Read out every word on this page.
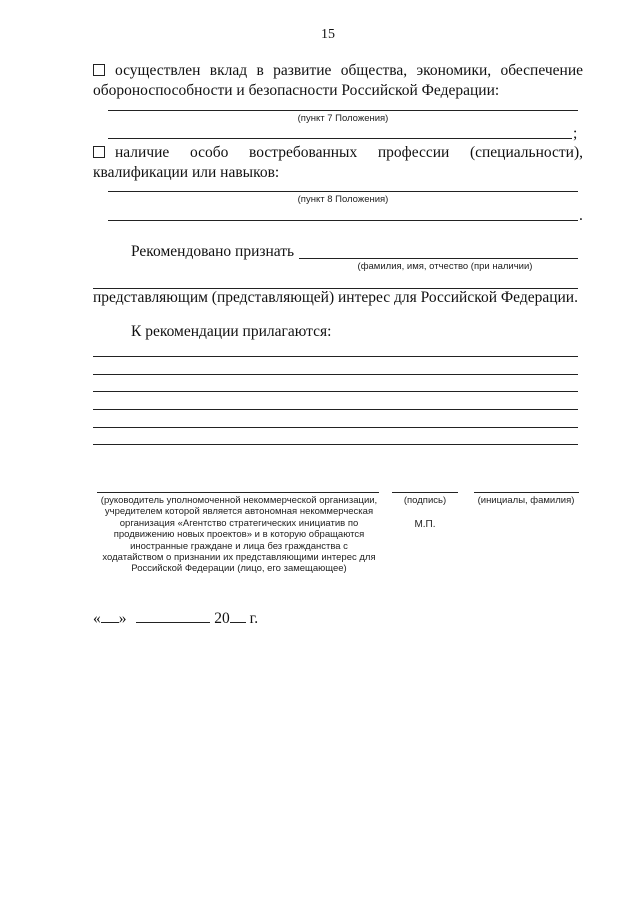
15
осуществлен вклад в развитие общества, экономики, обеспечение
обороноспособности и безопасности Российской Федерации:
(пункт 7 Положения)
;
наличие особо востребованных профессии (специальности),
квалификации или навыков:
(пункт 8 Положения)
.
Рекомендовано признать
(фамилия, имя, отчество (при наличии)
представляющим (представляющей) интерес для Российской Федерации.
К рекомендации прилагаются:
(руководитель уполномоченной некоммерческой организации, учредителем которой является автономная некоммерческая организация «Агентство стратегических инициатив по продвижению новых проектов» и в которую обращаются иностранные граждане и лица без гражданства с ходатайством о признании их представляющими интерес для Российской Федерации (лицо, его замещающее)
(подпись)
М.П.
(инициалы, фамилия)
« »	20 г.
